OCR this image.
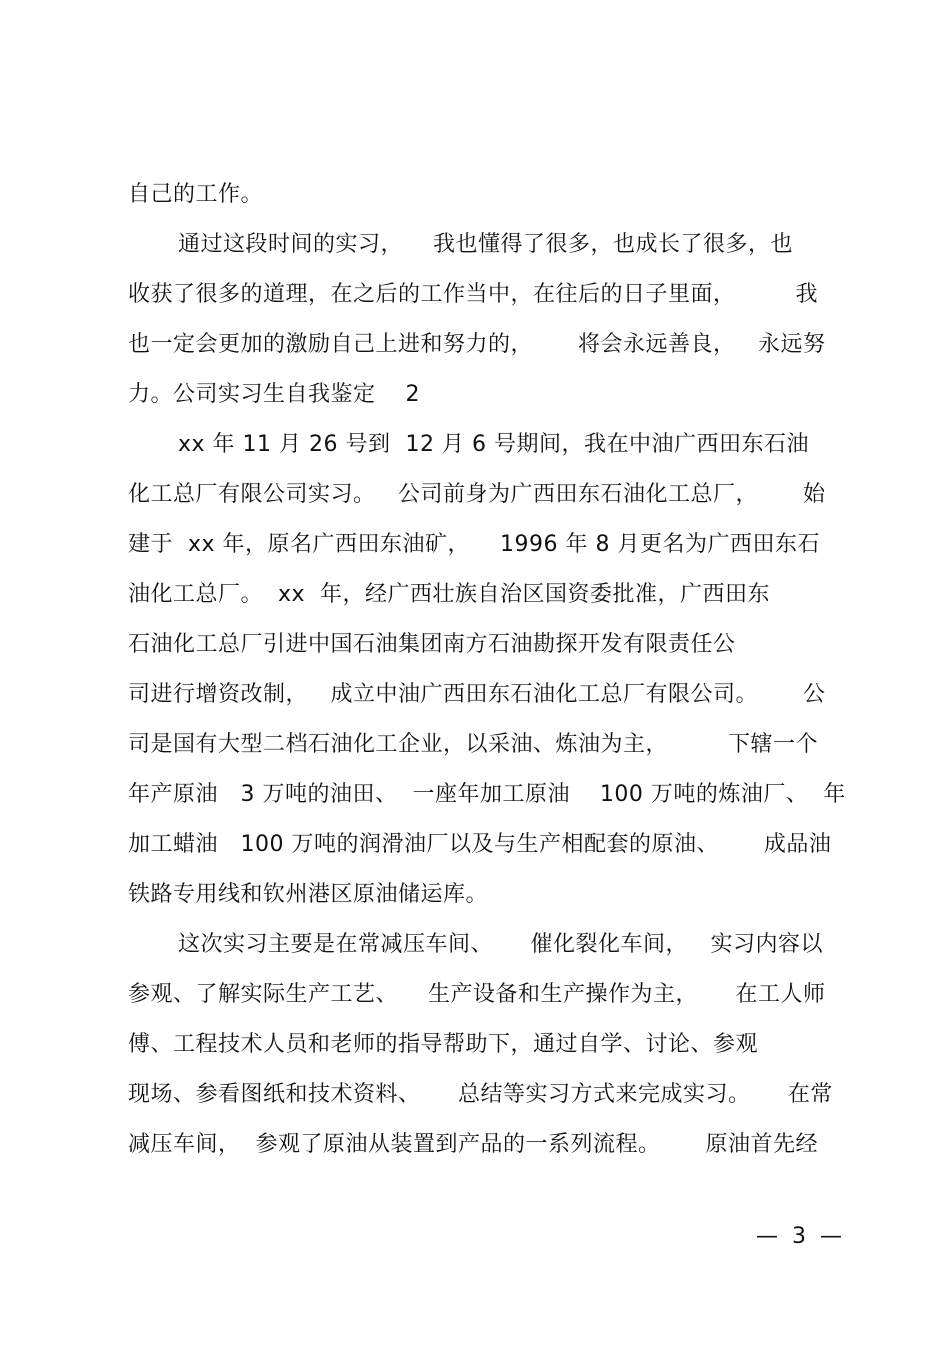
自己的工作。
通过这段时间的实习，    我也懂得了很多，也成长了很多，也
收获了很多的道理，在之后的工作当中，在往后的日子里面，        我
也一定会更加的激励自己上进和努力的，      将会永远善良，   永远努
力。公司实习生自我鉴定    2
xx 年 11 月 26 号到  12 月 6 号期间，我在中油广西田东石油
化工总厂有限公司实习。   公司前身为广西田东石油化工总厂，      始
建于  xx 年，原名广西田东油矿，    1996 年 8 月更名为广西田东石
油化工总厂。  xx  年，经广西壮族自治区国资委批准，广西田东
石油化工总厂引进中国石油集团南方石油勘探开发有限责任公
司进行增资改制，   成立中油广西田东石油化工总厂有限公司。      公
司是国有大型二档石油化工企业，以采油、炼油为主，        下辖一个
年产原油   3 万吨的油田、  一座年加工原油    100 万吨的炼油厂、  年
加工蜡油   100 万吨的润滑油厂以及与生产相配套的原油、      成品油
铁路专用线和钦州港区原油储运库。
这次实习主要是在常减压车间、     催化裂化车间，   实习内容以
参观、了解实际生产工艺、    生产设备和生产操作为主，     在工人师
傅、工程技术人员和老师的指导帮助下，通过自学、讨论、参观
现场、参看图纸和技术资料、     总结等实习方式来完成实习。     在常
减压车间，  参观了原油从装置到产品的一系列流程。      原油首先经
—  3  —
